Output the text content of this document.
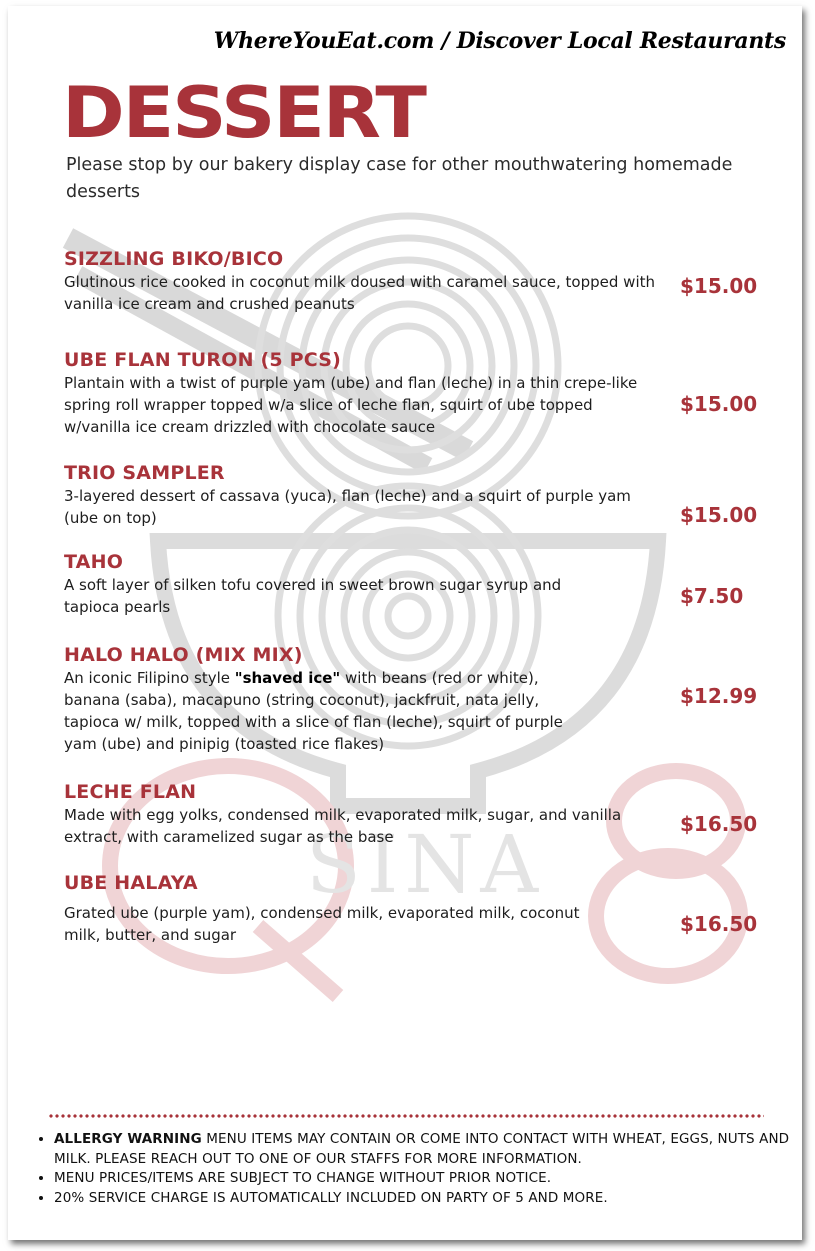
SINA
WhereYouEat.com / Discover Local Restaurants
DESSERT
Please stop by our bakery display case for other mouthwatering homemade desserts
SIZZLING BIKO/BICO
Glutinous rice cooked in coconut milk doused with caramel sauce, topped with vanilla ice cream and crushed peanuts
$15.00
UBE FLAN TURON (5 PCS)
Plantain with a twist of purple yam (ube) and flan (leche) in a thin crepe-like spring roll wrapper topped w/a slice of leche flan, squirt of ube topped w/vanilla ice cream drizzled with chocolate sauce
$15.00
TRIO SAMPLER
3-layered dessert of cassava (yuca), flan (leche) and a squirt of purple yam (ube on top)	$15.00
TAHO
A soft layer of silken tofu covered in sweet brown sugar syrup and tapioca pearls	$7.50
HALO HALO (MIX MIX)
An iconic Filipino style "shaved ice" with beans (red or white), banana (saba), macapuno (string coconut), jackfruit, nata jelly, tapioca w/ milk, topped with a slice of flan (leche), squirt of purple yam (ube) and pinipig (toasted rice flakes)
$12.99
LECHE FLAN
Made with egg yolks, condensed milk, evaporated milk, sugar, and vanilla extract, with caramelized sugar as the base
$16.50
UBE HALAYA
Grated ube (purple yam), condensed milk, evaporated milk, coconut milk, butter, and sugar	$16.50
• ALLERGY WARNING MENU ITEMS MAY CONTAIN OR COME INTO CONTACT WITH WHEAT, EGGS, NUTS AND MILK. PLEASE REACH OUT TO ONE OF OUR STAFFS FOR MORE INFORMATION.
• MENU PRICES/ITEMS ARE SUBJECT TO CHANGE WITHOUT PRIOR NOTICE.
• 20% SERVICE CHARGE IS AUTOMATICALLY INCLUDED ON PARTY OF 5 AND MORE.
